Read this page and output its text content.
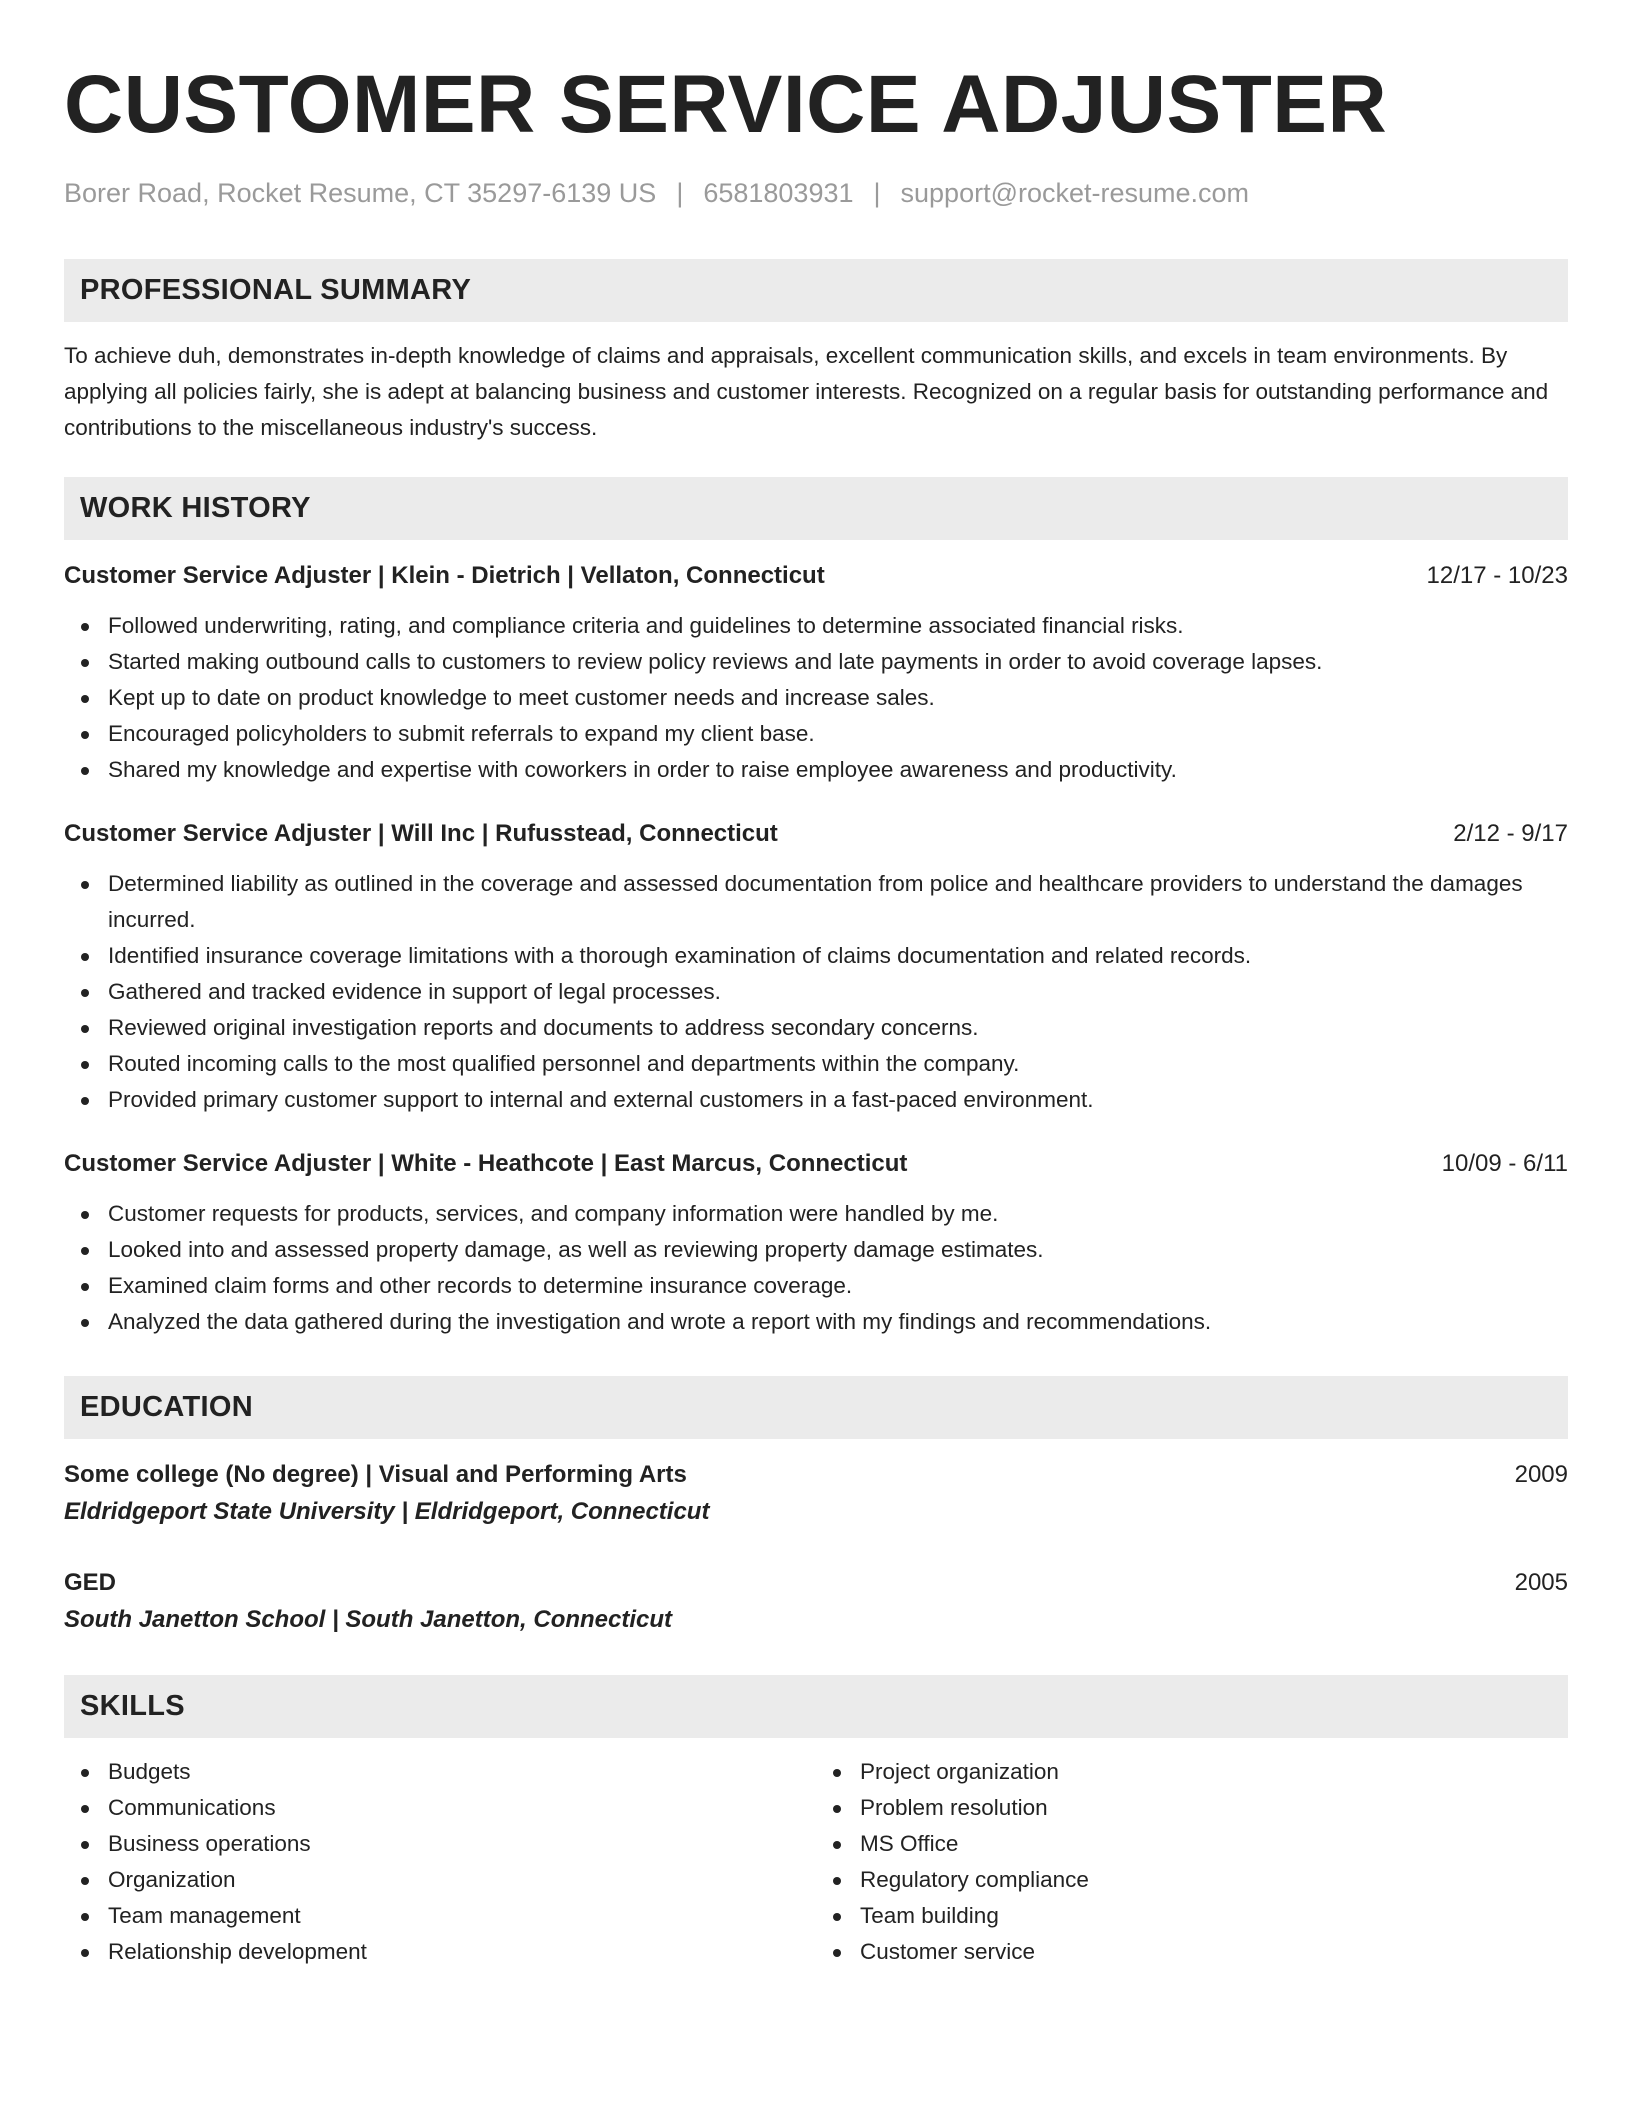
CUSTOMER SERVICE ADJUSTER
Borer Road, Rocket Resume, CT 35297-6139 US | 6581803931 | support@rocket-resume.com
PROFESSIONAL SUMMARY
To achieve duh, demonstrates in-depth knowledge of claims and appraisals, excellent communication skills, and excels in team environments. By applying all policies fairly, she is adept at balancing business and customer interests. Recognized on a regular basis for outstanding performance and contributions to the miscellaneous industry's success.
WORK HISTORY
Customer Service Adjuster | Klein - Dietrich | Vellaton, Connecticut	12/17 - 10/23
Followed underwriting, rating, and compliance criteria and guidelines to determine associated financial risks.
Started making outbound calls to customers to review policy reviews and late payments in order to avoid coverage lapses.
Kept up to date on product knowledge to meet customer needs and increase sales.
Encouraged policyholders to submit referrals to expand my client base.
Shared my knowledge and expertise with coworkers in order to raise employee awareness and productivity.
Customer Service Adjuster | Will Inc | Rufusstead, Connecticut	2/12 - 9/17
Determined liability as outlined in the coverage and assessed documentation from police and healthcare providers to understand the damages incurred.
Identified insurance coverage limitations with a thorough examination of claims documentation and related records.
Gathered and tracked evidence in support of legal processes.
Reviewed original investigation reports and documents to address secondary concerns.
Routed incoming calls to the most qualified personnel and departments within the company.
Provided primary customer support to internal and external customers in a fast-paced environment.
Customer Service Adjuster | White - Heathcote | East Marcus, Connecticut	10/09 - 6/11
Customer requests for products, services, and company information were handled by me.
Looked into and assessed property damage, as well as reviewing property damage estimates.
Examined claim forms and other records to determine insurance coverage.
Analyzed the data gathered during the investigation and wrote a report with my findings and recommendations.
EDUCATION
Some college (No degree) | Visual and Performing Arts	2009
Eldridgeport State University | Eldridgeport, Connecticut
GED	2005
South Janetton School | South Janetton, Connecticut
SKILLS
Budgets
Communications
Business operations
Organization
Team management
Relationship development
Project organization
Problem resolution
MS Office
Regulatory compliance
Team building
Customer service
